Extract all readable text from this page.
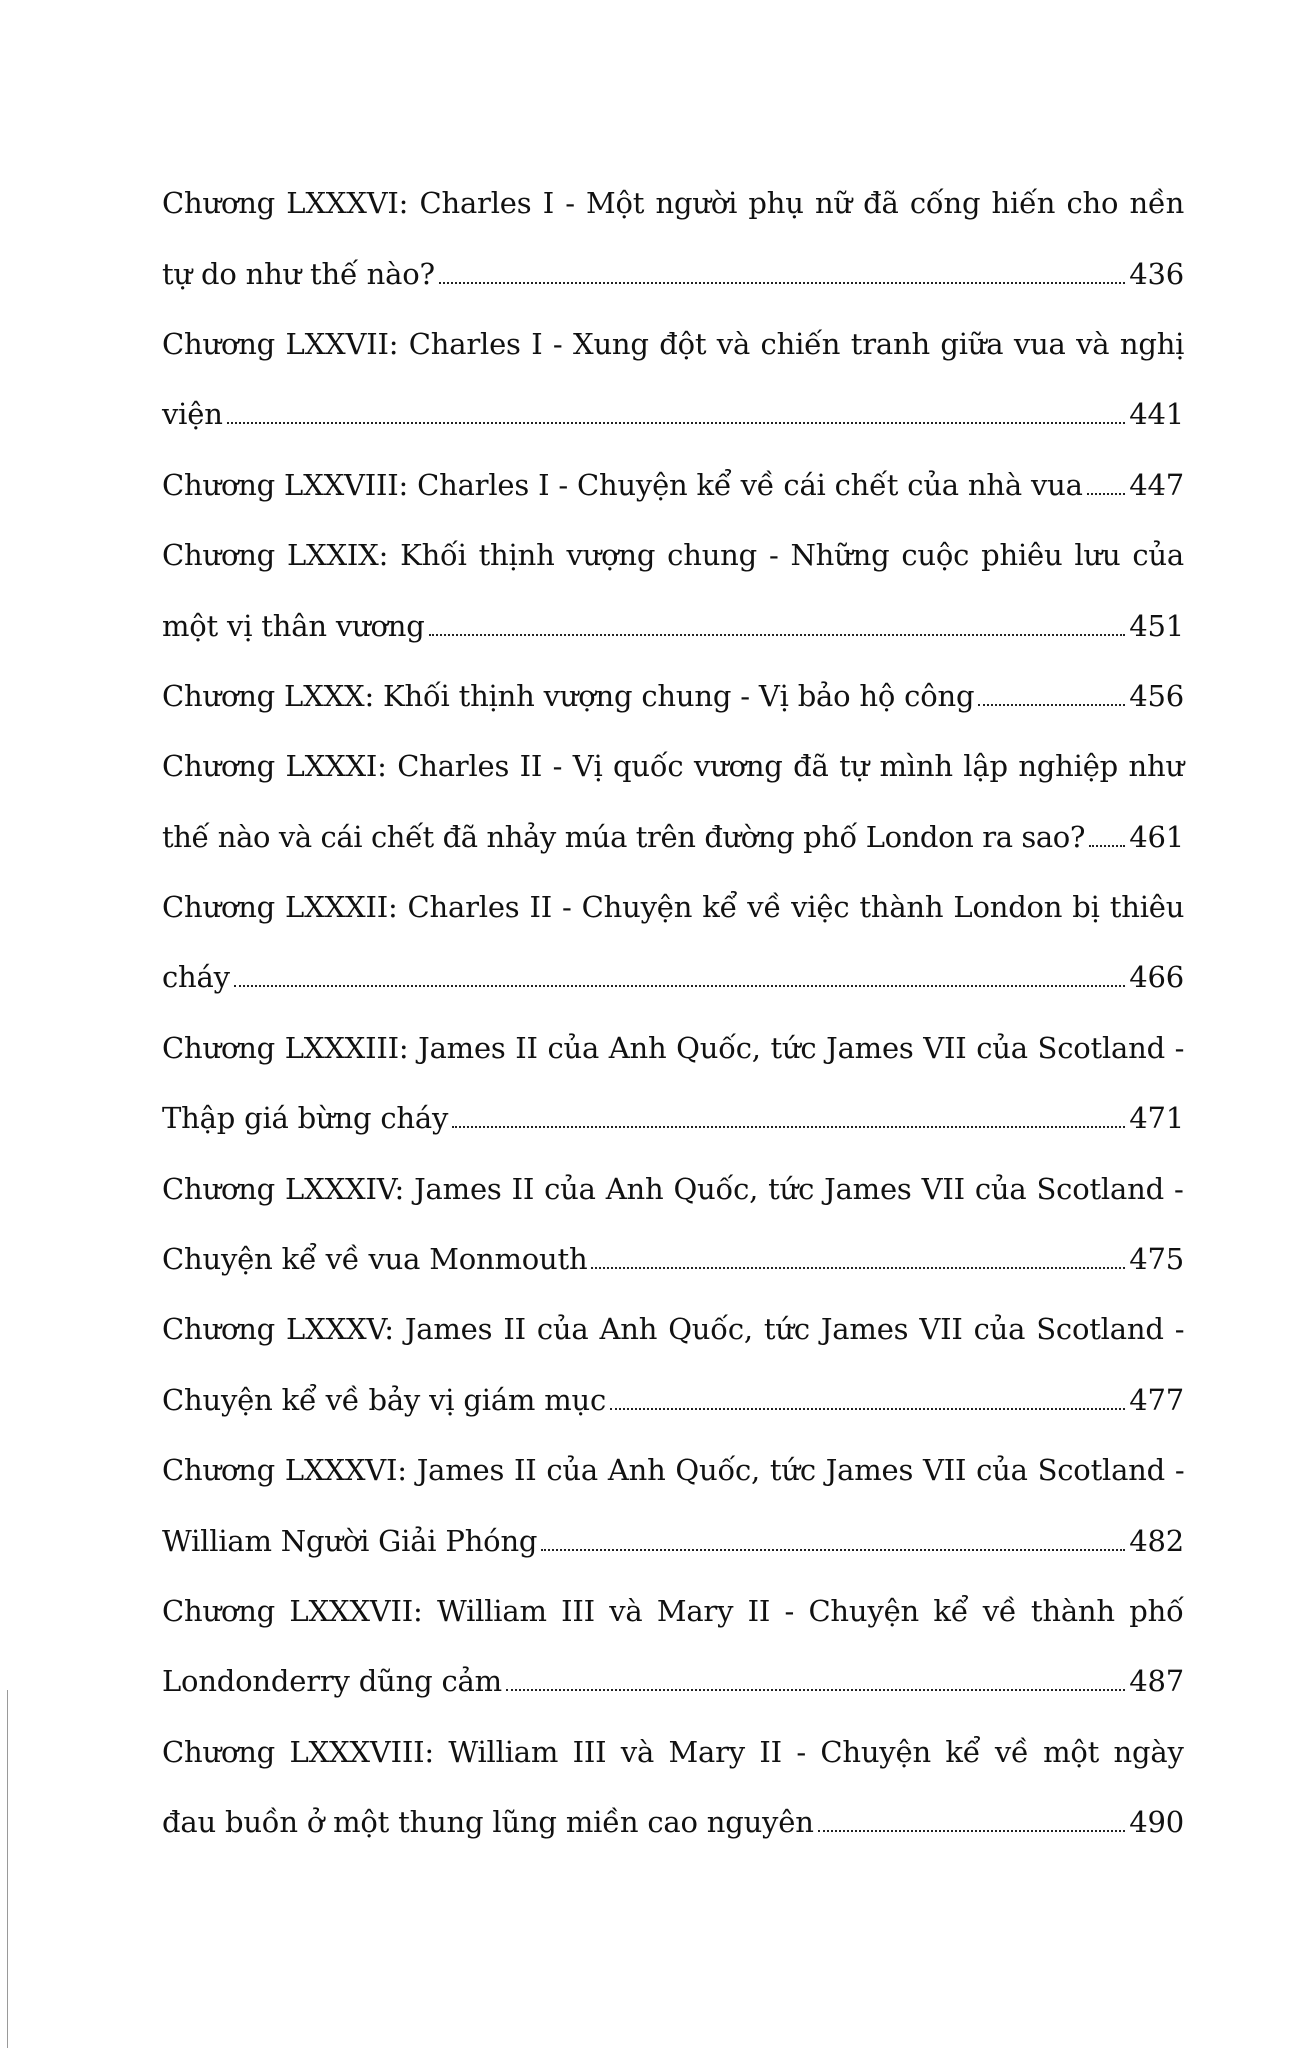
Chương LXXXVI: Charles I - Một người phụ nữ đã cống hiến cho nền
tự do như thế nào?	436
Chương LXXVII: Charles I - Xung đột và chiến tranh giữa vua và nghị
viện	441
Chương LXXVIII: Charles I - Chuyện kể về cái chết của nhà vua 447
Chương LXXIX: Khối thịnh vượng chung - Những cuộc phiêu lưu của
một vị thân vương	451
Chương LXXX: Khối thịnh vượng chung - Vị bảo hộ công	456
Chương LXXXI: Charles II - Vị quốc vương đã tự mình lập nghiệp như
thế nào và cái chết đã nhảy múa trên đường phố London ra sao? 461
Chương LXXXII: Charles II - Chuyện kể về việc thành London bị thiêu
cháy	466
Chương LXXXIII: James II của Anh Quốc, tức James VII của Scotland -
Thập giá bừng cháy	471
Chương LXXXIV: James II của Anh Quốc, tức James VII của Scotland -
Chuyện kể về vua Monmouth	475
Chương LXXXV: James II của Anh Quốc, tức James VII của Scotland -
Chuyện kể về bảy vị giám mục	477
Chương LXXXVI: James II của Anh Quốc, tức James VII của Scotland -
William Người Giải Phóng	482
Chương LXXXVII: William III và Mary II - Chuyện kể về thành phố
Londonderry dũng cảm	487
Chương LXXXVIII: William III và Mary II - Chuyện kể về một ngày
đau buồn ở một thung lũng miền cao nguyên	490
